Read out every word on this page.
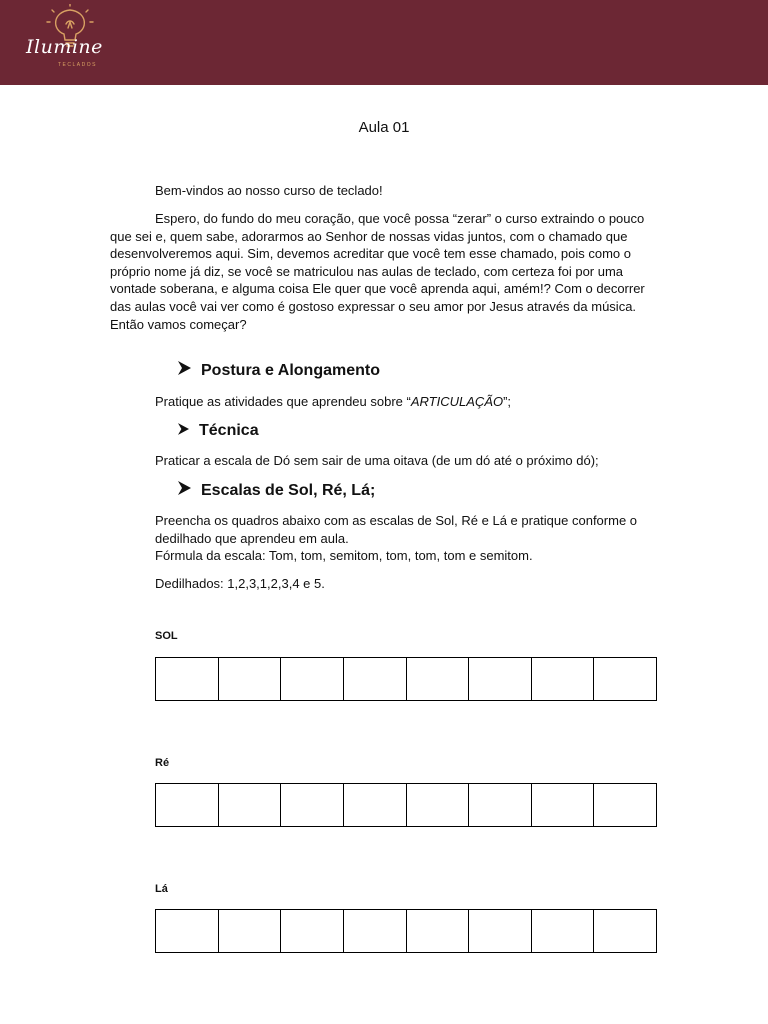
Ilumine
TECLADOS
Aula 01
Bem-vindos ao nosso curso de teclado!
Espero, do fundo do meu coração, que você possa “zerar” o curso extraindo o pouco que sei e, quem sabe, adorarmos ao Senhor de nossas vidas juntos, com o chamado que desenvolveremos aqui. Sim, devemos acreditar que você tem esse chamado, pois como o próprio nome já diz, se você se matriculou nas aulas de teclado, com certeza foi por uma vontade soberana, e alguma coisa Ele quer que você aprenda aqui, amém!? Com o decorrer das aulas você vai ver como é gostoso expressar o seu amor por Jesus através da música. Então vamos começar?
Postura e Alongamento
Pratique as atividades que aprendeu sobre “ARTICULAÇÃO”;
Técnica
Praticar a escala de Dó sem sair de uma oitava (de um dó até o próximo dó);
Escalas de Sol, Ré, Lá;
Preencha os quadros abaixo com as escalas de Sol, Ré e Lá e pratique conforme o dedilhado que aprendeu em aula.
Fórmula da escala: Tom, tom, semitom, tom, tom, tom e semitom.
Dedilhados: 1,2,3,1,2,3,4 e 5.
SOL

Ré

Lá
